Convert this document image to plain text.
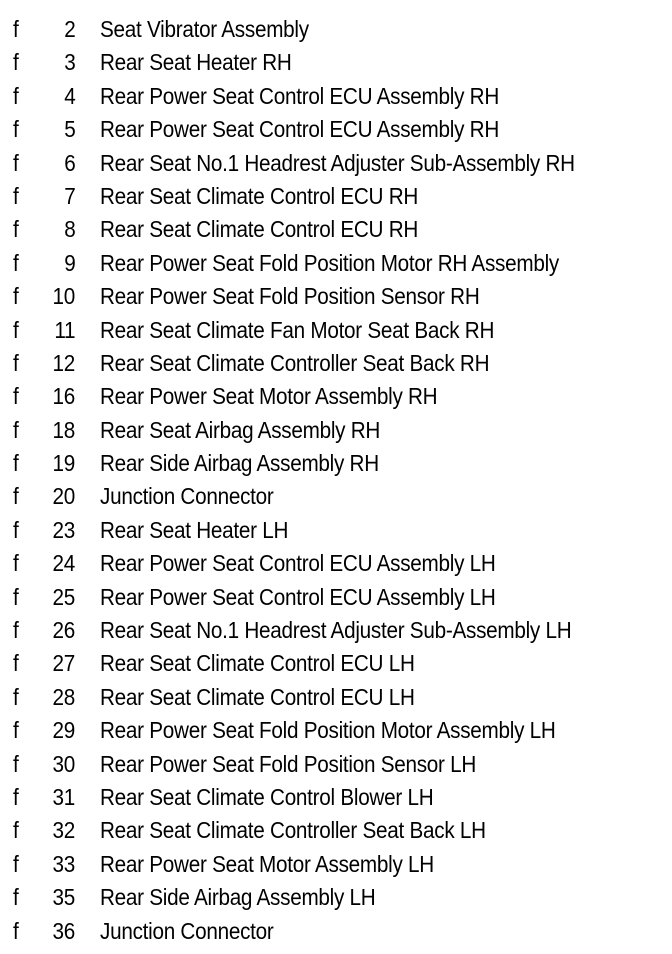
f 2 Seat Vibrator Assembly
f 3 Rear Seat Heater RH
f 4 Rear Power Seat Control ECU Assembly RH
f 5 Rear Power Seat Control ECU Assembly RH
f 6 Rear Seat No.1 Headrest Adjuster Sub-Assembly RH
f 7 Rear Seat Climate Control ECU RH
f 8 Rear Seat Climate Control ECU RH
f 9 Rear Power Seat Fold Position Motor RH Assembly
f 10 Rear Power Seat Fold Position Sensor RH
f 11 Rear Seat Climate Fan Motor Seat Back RH
f 12 Rear Seat Climate Controller Seat Back RH
f 16 Rear Power Seat Motor Assembly RH
f 18 Rear Seat Airbag Assembly RH
f 19 Rear Side Airbag Assembly RH
f 20 Junction Connector
f 23 Rear Seat Heater LH
f 24 Rear Power Seat Control ECU Assembly LH
f 25 Rear Power Seat Control ECU Assembly LH
f 26 Rear Seat No.1 Headrest Adjuster Sub-Assembly LH
f 27 Rear Seat Climate Control ECU LH
f 28 Rear Seat Climate Control ECU LH
f 29 Rear Power Seat Fold Position Motor Assembly LH
f 30 Rear Power Seat Fold Position Sensor LH
f 31 Rear Seat Climate Control Blower LH
f 32 Rear Seat Climate Controller Seat Back LH
f 33 Rear Power Seat Motor Assembly LH
f 35 Rear Side Airbag Assembly LH
f 36 Junction Connector
